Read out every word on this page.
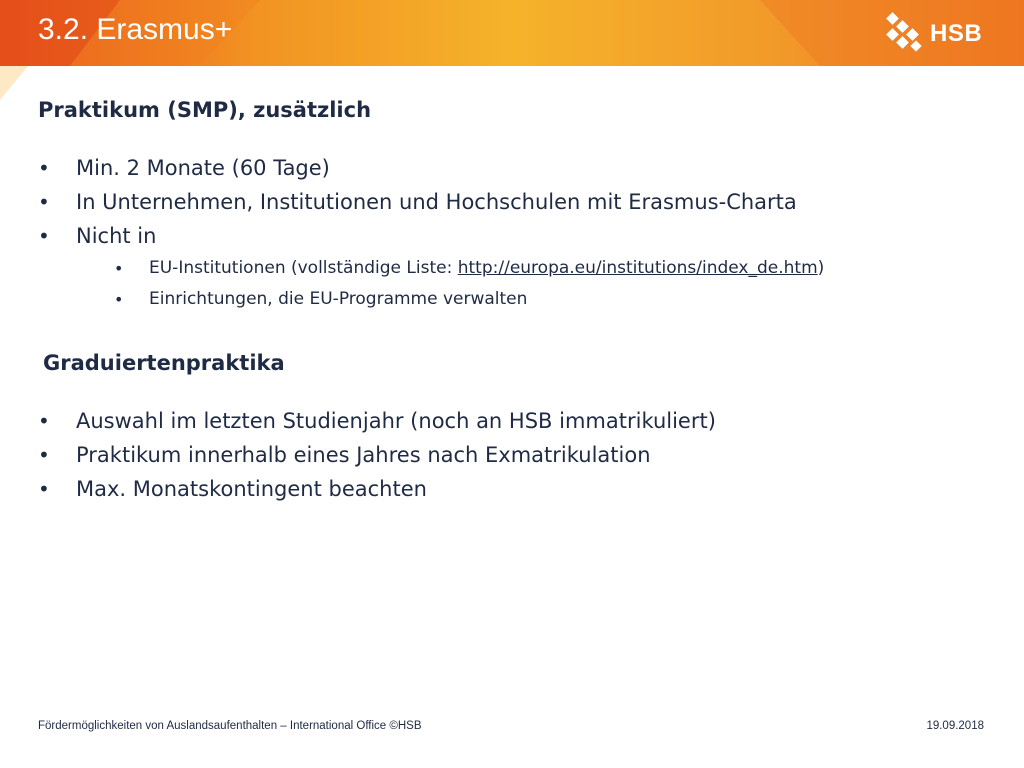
3.2. Erasmus+	HSB

Praktikum (SMP), zusätzlich

• Min. 2 Monate (60 Tage)
• In Unternehmen, Institutionen und Hochschulen mit Erasmus-Charta
• Nicht in
• EU-Institutionen (vollständige Liste: http://europa.eu/institutions/index_de.htm)
• Einrichtungen, die EU-Programme verwalten

Graduiertenpraktika

• Auswahl im letzten Studienjahr (noch an HSB immatrikuliert)
• Praktikum innerhalb eines Jahres nach Exmatrikulation
• Max. Monatskontingent beachten
Fördermöglichkeiten von Auslandsaufenthalten – International Office ©HSB	19.09.2018
